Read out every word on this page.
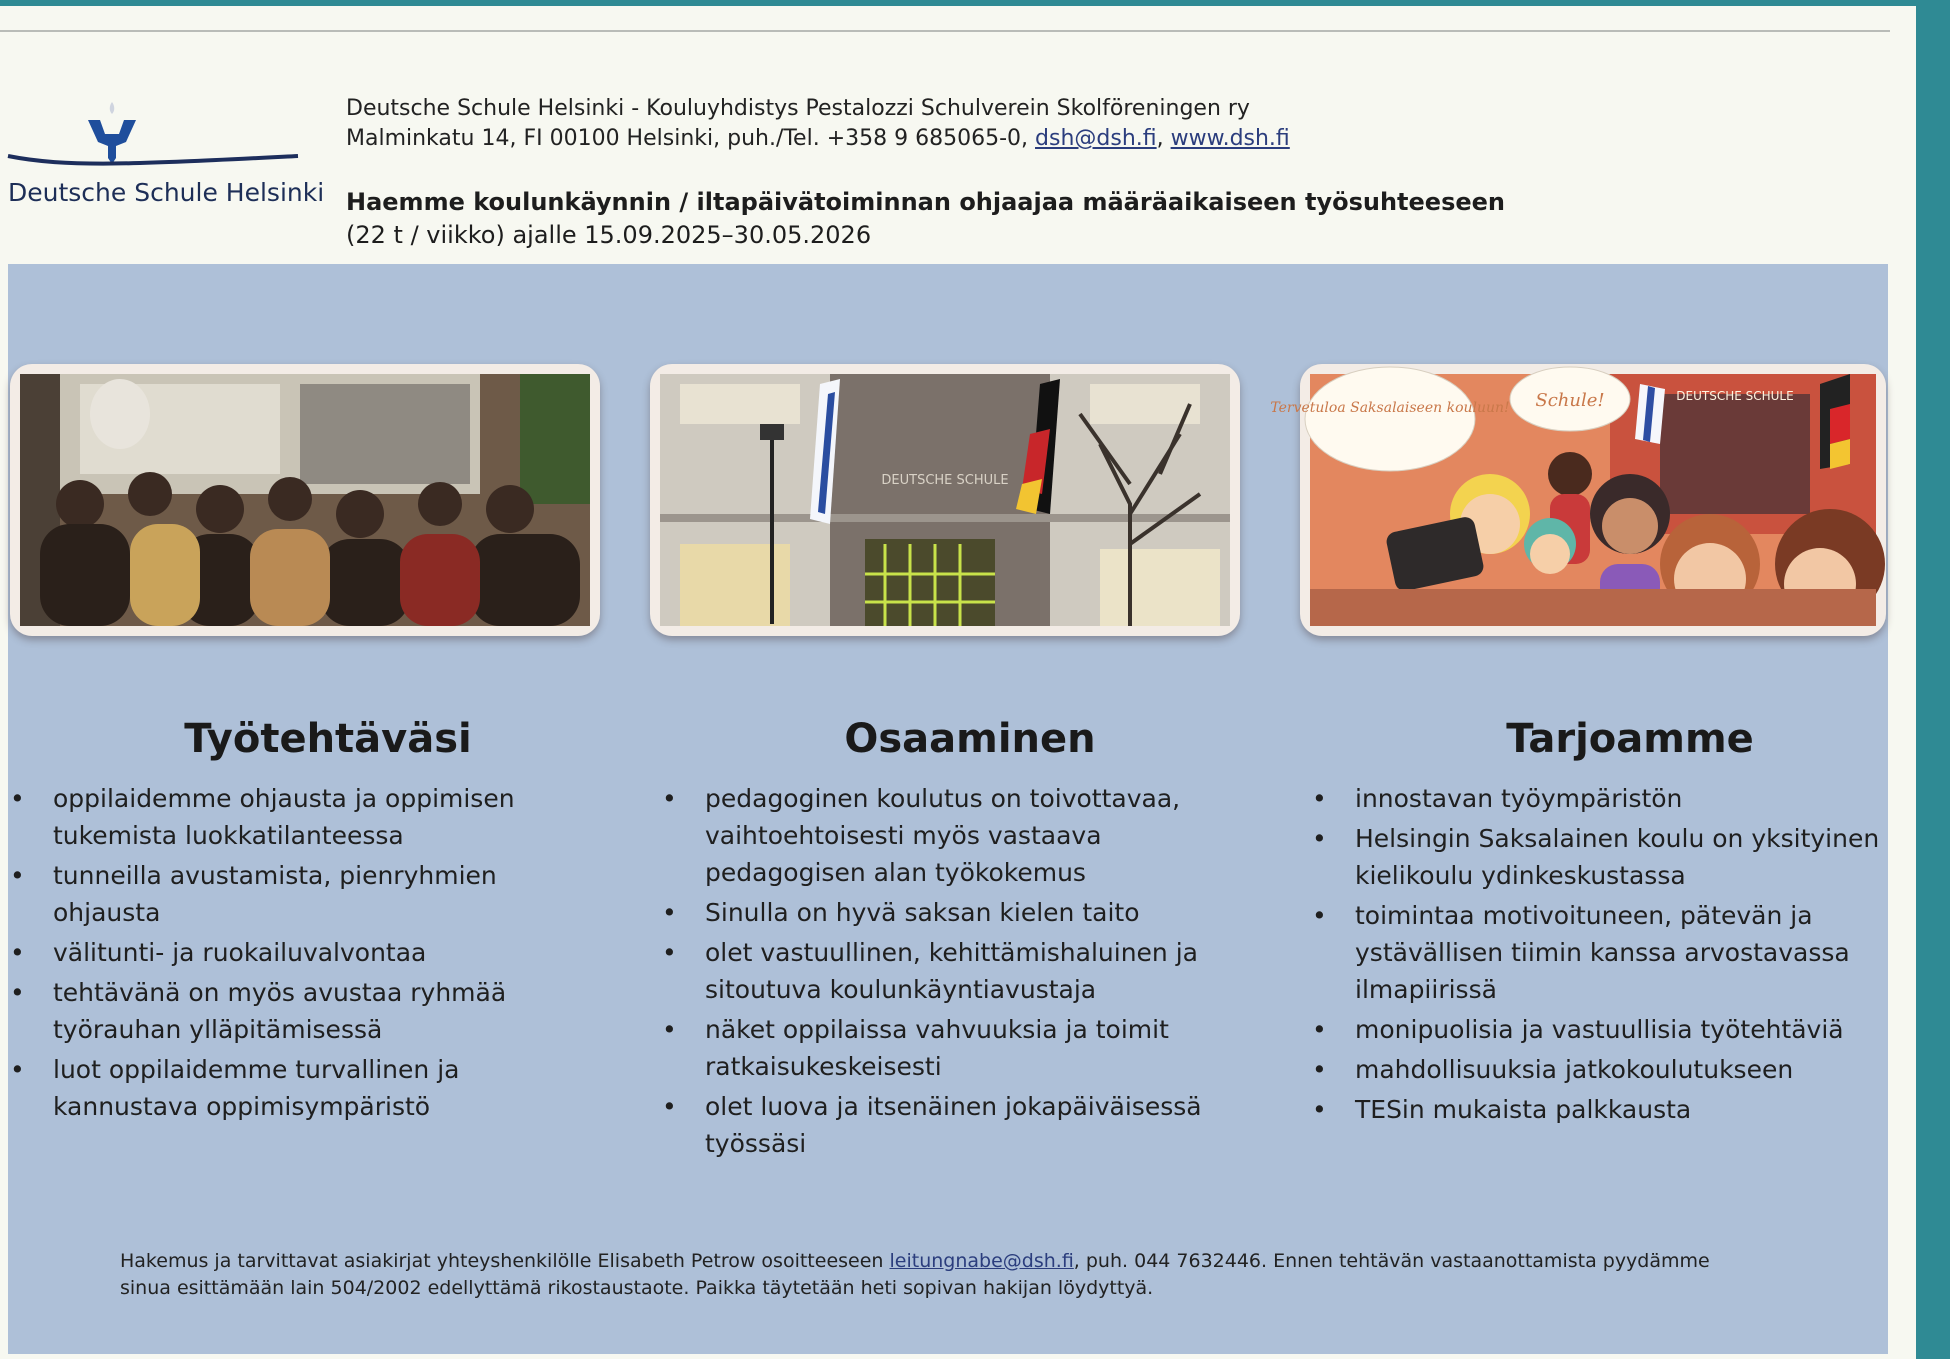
Deutsche Schule Helsinki
Deutsche Schule Helsinki - Kouluyhdistys Pestalozzi Schulverein Skolföreningen ry
Malminkatu 14, FI 00100 Helsinki, puh./Tel. +358 9 685065-0, dsh@dsh.fi, www.dsh.fi
Haemme koulunkäynnin / iltapäivätoiminnan ohjaajaa määräaikaiseen työsuhteeseen
(22 t / viikko) ajalle 15.09.2025–30.05.2026
DEUTSCHE SCHULE
DEUTSCHE SCHULE
Tervetuloa Saksalaiseen kouluun! Schule!
Työtehtäväsi
• oppilaidemme ohjausta ja oppimisen tukemista luokkatilanteessa
• tunneilla avustamista, pienryhmien ohjausta
• välitunti- ja ruokailuvalvontaa
• tehtävänä on myös avustaa ryhmää työrauhan ylläpitämisessä
• luot oppilaidemme turvallinen ja kannustava oppimisympäristö
Osaaminen
• pedagoginen koulutus on toivottavaa, vaihtoehtoisesti myös vastaava pedagogisen alan työkokemus
• Sinulla on hyvä saksan kielen taito
• olet vastuullinen, kehittämishaluinen ja sitoutuva koulunkäyntiavustaja
• näket oppilaissa vahvuuksia ja toimit ratkaisukeskeisesti
• olet luova ja itsenäinen jokapäiväisessä työssäsi
Tarjoamme
• innostavan työympäristön
• Helsingin Saksalainen koulu on yksityinen kielikoulu ydinkeskustassa
• toimintaa motivoituneen, pätevän ja ystävällisen tiimin kanssa arvostavassa ilmapiirissä
• monipuolisia ja vastuullisia työtehtäviä
• mahdollisuuksia jatkokoulutukseen
• TESin mukaista palkkausta
Hakemus ja tarvittavat asiakirjat yhteyshenkilölle Elisabeth Petrow osoitteeseen leitungnabe@dsh.fi, puh. 044 7632446. Ennen tehtävän vastaanottamista pyydämme sinua esittämään lain 504/2002 edellyttämä rikostaustaote. Paikka täytetään heti sopivan hakijan löydyttyä.
